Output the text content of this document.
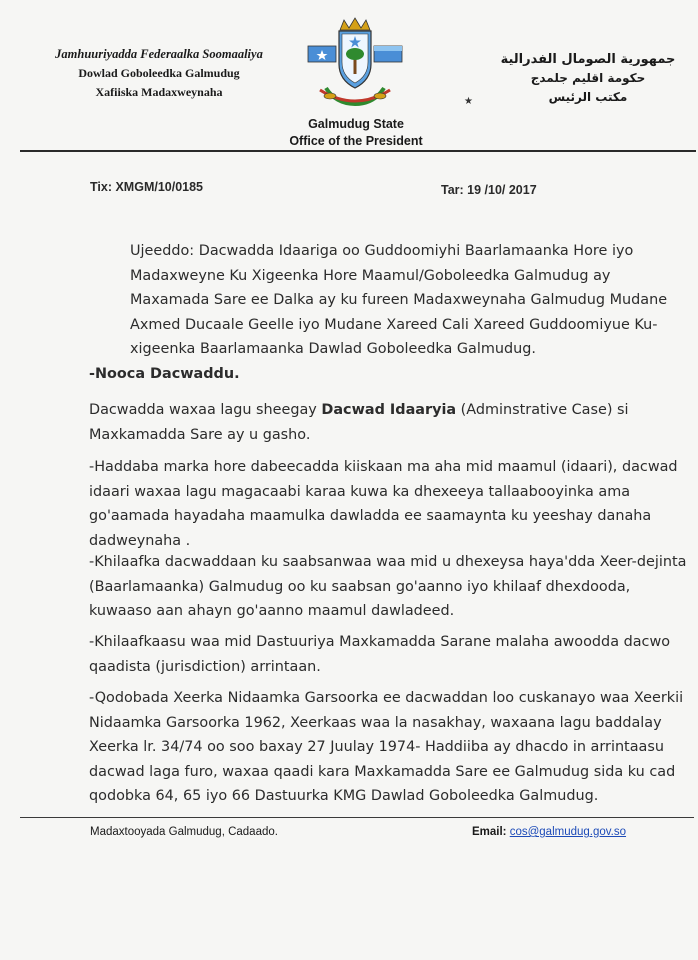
Jamhuuriyadda Federaalka Soomaaliya
Dowlad Goboleedka Galmudug
Xafiiska Madaxweynaha
جمهورية الصومال الفدرالية
حكومة اقليم جلمدج
مكتب الرئيس
★
Galmudug State
Office of the President
Tix: XMGM/10/0185	Tar: 19 /10/ 2017
Ujeeddo: Dacwadda Idaariga oo Guddoomiyhi Baarlamaanka Hore iyo
Madaxweyne Ku Xigeenka Hore Maamul/Goboleedka Galmudug ay
Maxamada Sare ee Dalka ay ku fureen Madaxweynaha Galmudug Mudane
Axmed Ducaale Geelle iyo Mudane Xareed Cali Xareed Guddoomiyue Ku-
xigeenka Baarlamaanka Dawlad Goboleedka Galmudug.
-Nooca Dacwaddu.
Dacwadda waxaa lagu sheegay Dacwad Idaaryia (Adminstrative Case) si
Maxkamadda Sare ay u gasho.
-Haddaba marka hore dabeecadda kiiskaan ma aha mid maamul (idaari), dacwad
idaari waxaa lagu magacaabi karaa kuwa ka dhexeeya tallaabooyinka ama
go'aamada hayadaha maamulka dawladda ee saamaynta ku yeeshay danaha
dadweynaha .
-Khilaafka dacwaddaan ku saabsanwaa waa mid u dhexeysa haya'dda Xeer-dejinta
(Baarlamaanka) Galmudug oo ku saabsan go'aanno iyo khilaaf dhexdooda,
kuwaaso aan ahayn go'aanno maamul dawladeed.
-Khilaafkaasu waa mid Dastuuriya Maxkamadda Sarane malaha awoodda dacwo
qaadista (jurisdiction) arrintaan.
-Qodobada Xeerka Nidaamka Garsoorka ee dacwaddan loo cuskanayo waa Xeerkii
Nidaamka Garsoorka 1962, Xeerkaas waa la nasakhay, waxaana lagu baddalay
Xeerka lr. 34/74 oo soo baxay 27 Juulay 1974- Haddiiba ay dhacdo in arrintaasu
dacwad laga furo, waxaa qaadi kara Maxkamadda Sare ee Galmudug sida ku cad
qodobka 64, 65 iyo 66 Dastuurka KMG Dawlad Goboleedka Galmudug.
Madaxtooyada Galmudug, Cadaado.	Email: cos@galmudug.gov.so
